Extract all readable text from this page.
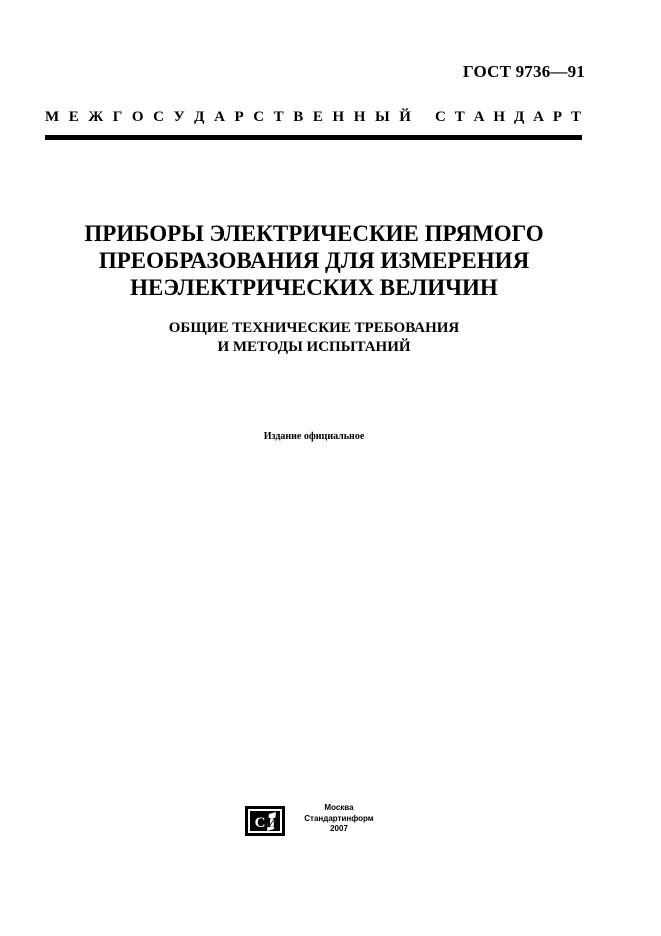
ГОСТ 9736—91
М Е Ж Г О С У Д А Р С Т В Е Н Н Ы Й С Т А Н Д А Р Т
ПРИБОРЫ ЭЛЕКТРИЧЕСКИЕ ПРЯМОГО
ПРЕОБРАЗОВАНИЯ ДЛЯ ИЗМЕРЕНИЯ
НЕЭЛЕКТРИЧЕСКИХ ВЕЛИЧИН
ОБЩИЕ ТЕХНИЧЕСКИЕ ТРЕБОВАНИЯ
И МЕТОДЫ ИСПЫТАНИЙ
Издание официальное
С И
Москва
Стандартинформ
2007
